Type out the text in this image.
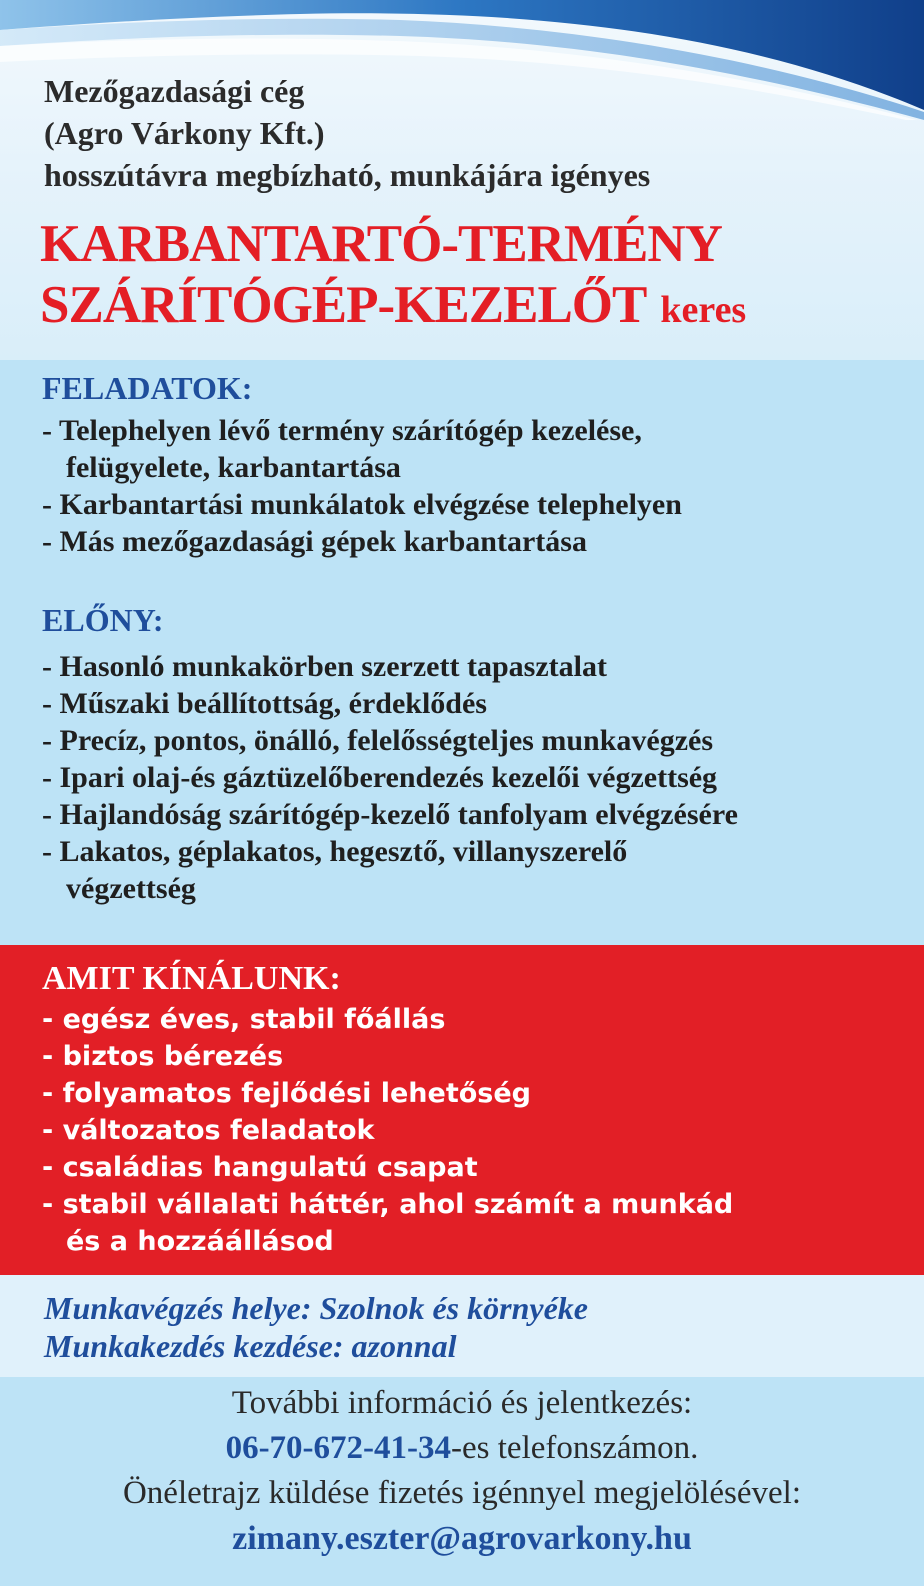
Mezőgazdasági cég
(Agro Várkony Kft.)
hosszútávra megbízható, munkájára igényes
KARBANTARTÓ-TERMÉNY
SZÁRÍTÓGÉP-KEZELŐT keres
FELADATOK:
- Telephelyen lévő termény szárítógép kezelése,
felügyelete, karbantartása
- Karbantartási munkálatok elvégzése telephelyen
- Más mezőgazdasági gépek karbantartása
ELŐNY:
- Hasonló munkakörben szerzett tapasztalat
- Műszaki beállítottság, érdeklődés
- Precíz, pontos, önálló, felelősségteljes munkavégzés
- Ipari olaj-és gáztüzelőberendezés kezelői végzettség
- Hajlandóság szárítógép-kezelő tanfolyam elvégzésére
- Lakatos, géplakatos, hegesztő, villanyszerelő
végzettség
AMIT KÍNÁLUNK:
- egész éves, stabil főállás
- biztos bérezés
- folyamatos fejlődési lehetőség
- változatos feladatok
- családias hangulatú csapat
- stabil vállalati háttér, ahol számít a munkád
és a hozzáállásod
Munkavégzés helye: Szolnok és környéke
Munkakezdés kezdése: azonnal
További információ és jelentkezés:
06-70-672-41-34-es telefonszámon.
Önéletrajz küldése fizetés igénnyel megjelölésével:
zimany.eszter@agrovarkony.hu
